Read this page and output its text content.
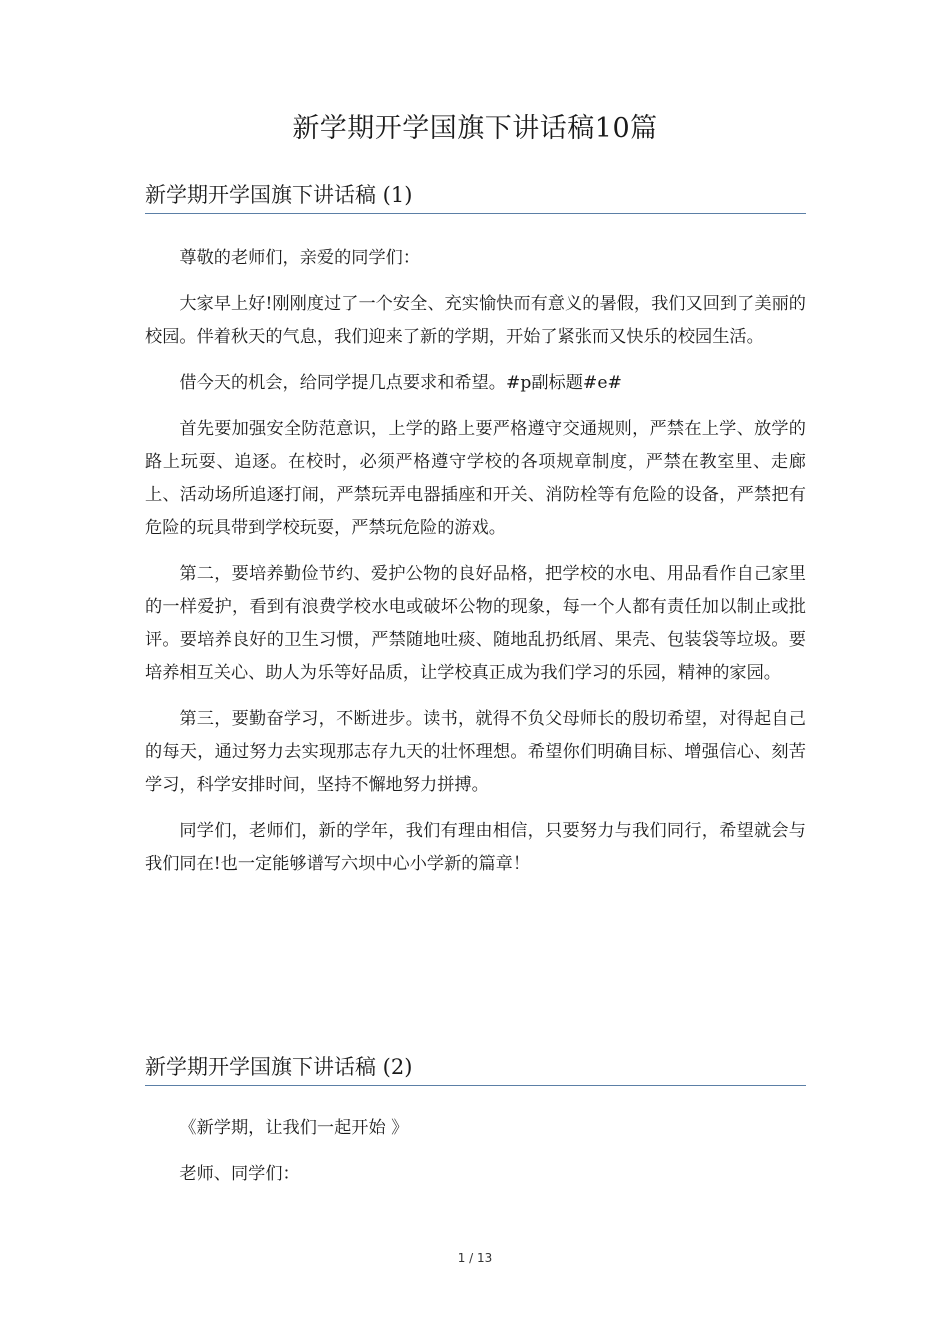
新学期开学国旗下讲话稿10篇
新学期开学国旗下讲话稿 (1)

尊敬的老师们，亲爱的同学们：

大家早上好!刚刚度过了一个安全、充实愉快而有意义的暑假，我们又回到了美丽的校园。伴着秋天的气息，我们迎来了新的学期，开始了紧张而又快乐的校园生活。

借今天的机会，给同学提几点要求和希望。#p副标题#e#

首先要加强安全防范意识，上学的路上要严格遵守交通规则，严禁在上学、放学的路上玩耍、追逐。在校时，必须严格遵守学校的各项规章制度，严禁在教室里、走廊上、活动场所追逐打闹，严禁玩弄电器插座和开关、消防栓等有危险的设备，严禁把有危险的玩具带到学校玩耍，严禁玩危险的游戏。

第二，要培养勤俭节约、爱护公物的良好品格，把学校的水电、用品看作自己家里的一样爱护，看到有浪费学校水电或破坏公物的现象，每一个人都有责任加以制止或批评。要培养良好的卫生习惯，严禁随地吐痰、随地乱扔纸屑、果壳、包装袋等垃圾。要培养相互关心、助人为乐等好品质，让学校真正成为我们学习的乐园，精神的家园。

第三，要勤奋学习，不断进步。读书，就得不负父母师长的殷切希望，对得起自己的每天，通过努力去实现那志存九天的壮怀理想。希望你们明确目标、增强信心、刻苦学习，科学安排时间，坚持不懈地努力拼搏。

同学们，老师们，新的学年，我们有理由相信，只要努力与我们同行，希望就会与我们同在!也一定能够谱写六坝中心小学新的篇章！

新学期开学国旗下讲话稿 (2)

《新学期，让我们一起开始 》

老师、同学们：

1 / 13
